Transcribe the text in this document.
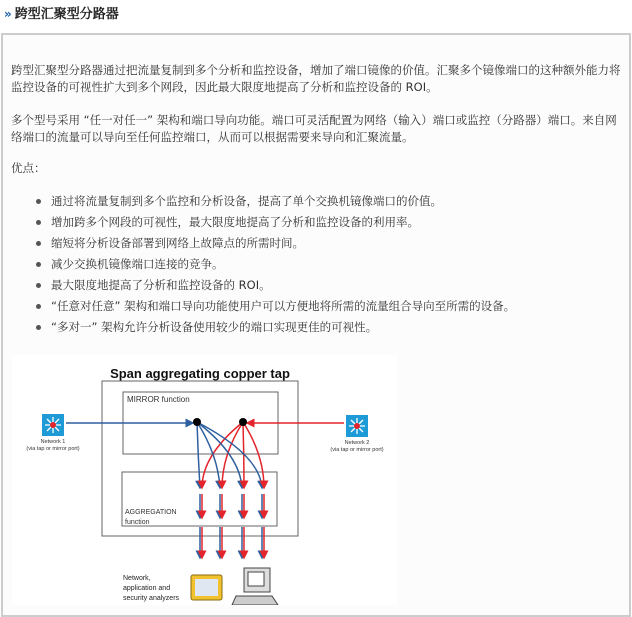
» 跨型汇聚型分路器
跨型汇聚型分路器通过把流量复制到多个分析和监控设备，增加了端口镜像的价值。汇聚多个镜像端口的这种额外能力将监控设备的可视性扩大到多个网段，因此最大限度地提高了分析和监控设备的 ROI。
多个型号采用 “任一对任一” 架构和端口导向功能。端口可灵活配置为网络（输入）端口或监控（分路器）端口。来自网络端口的流量可以导向至任何监控端口，从而可以根据需要来导向和汇聚流量。
优点：
通过将流量复制到多个监控和分析设备，提高了单个交换机镜像端口的价值。
增加跨多个网段的可视性，最大限度地提高了分析和监控设备的利用率。
缩短将分析设备部署到网络上故障点的所需时间。
减少交换机镜像端口连接的竞争。
最大限度地提高了分析和监控设备的 ROI。
“任意对任意” 架构和端口导向功能使用户可以方便地将所需的流量组合导向至所需的设备。
“多对一” 架构允许分析设备使用较少的端口实现更佳的可视性。
Span aggregating copper tap
MIRROR function
AGGREGATION
function
Network 1
(via tap or mirror port)
Network 2
(via tap or mirror port)
Network,
application and
security analyzers
